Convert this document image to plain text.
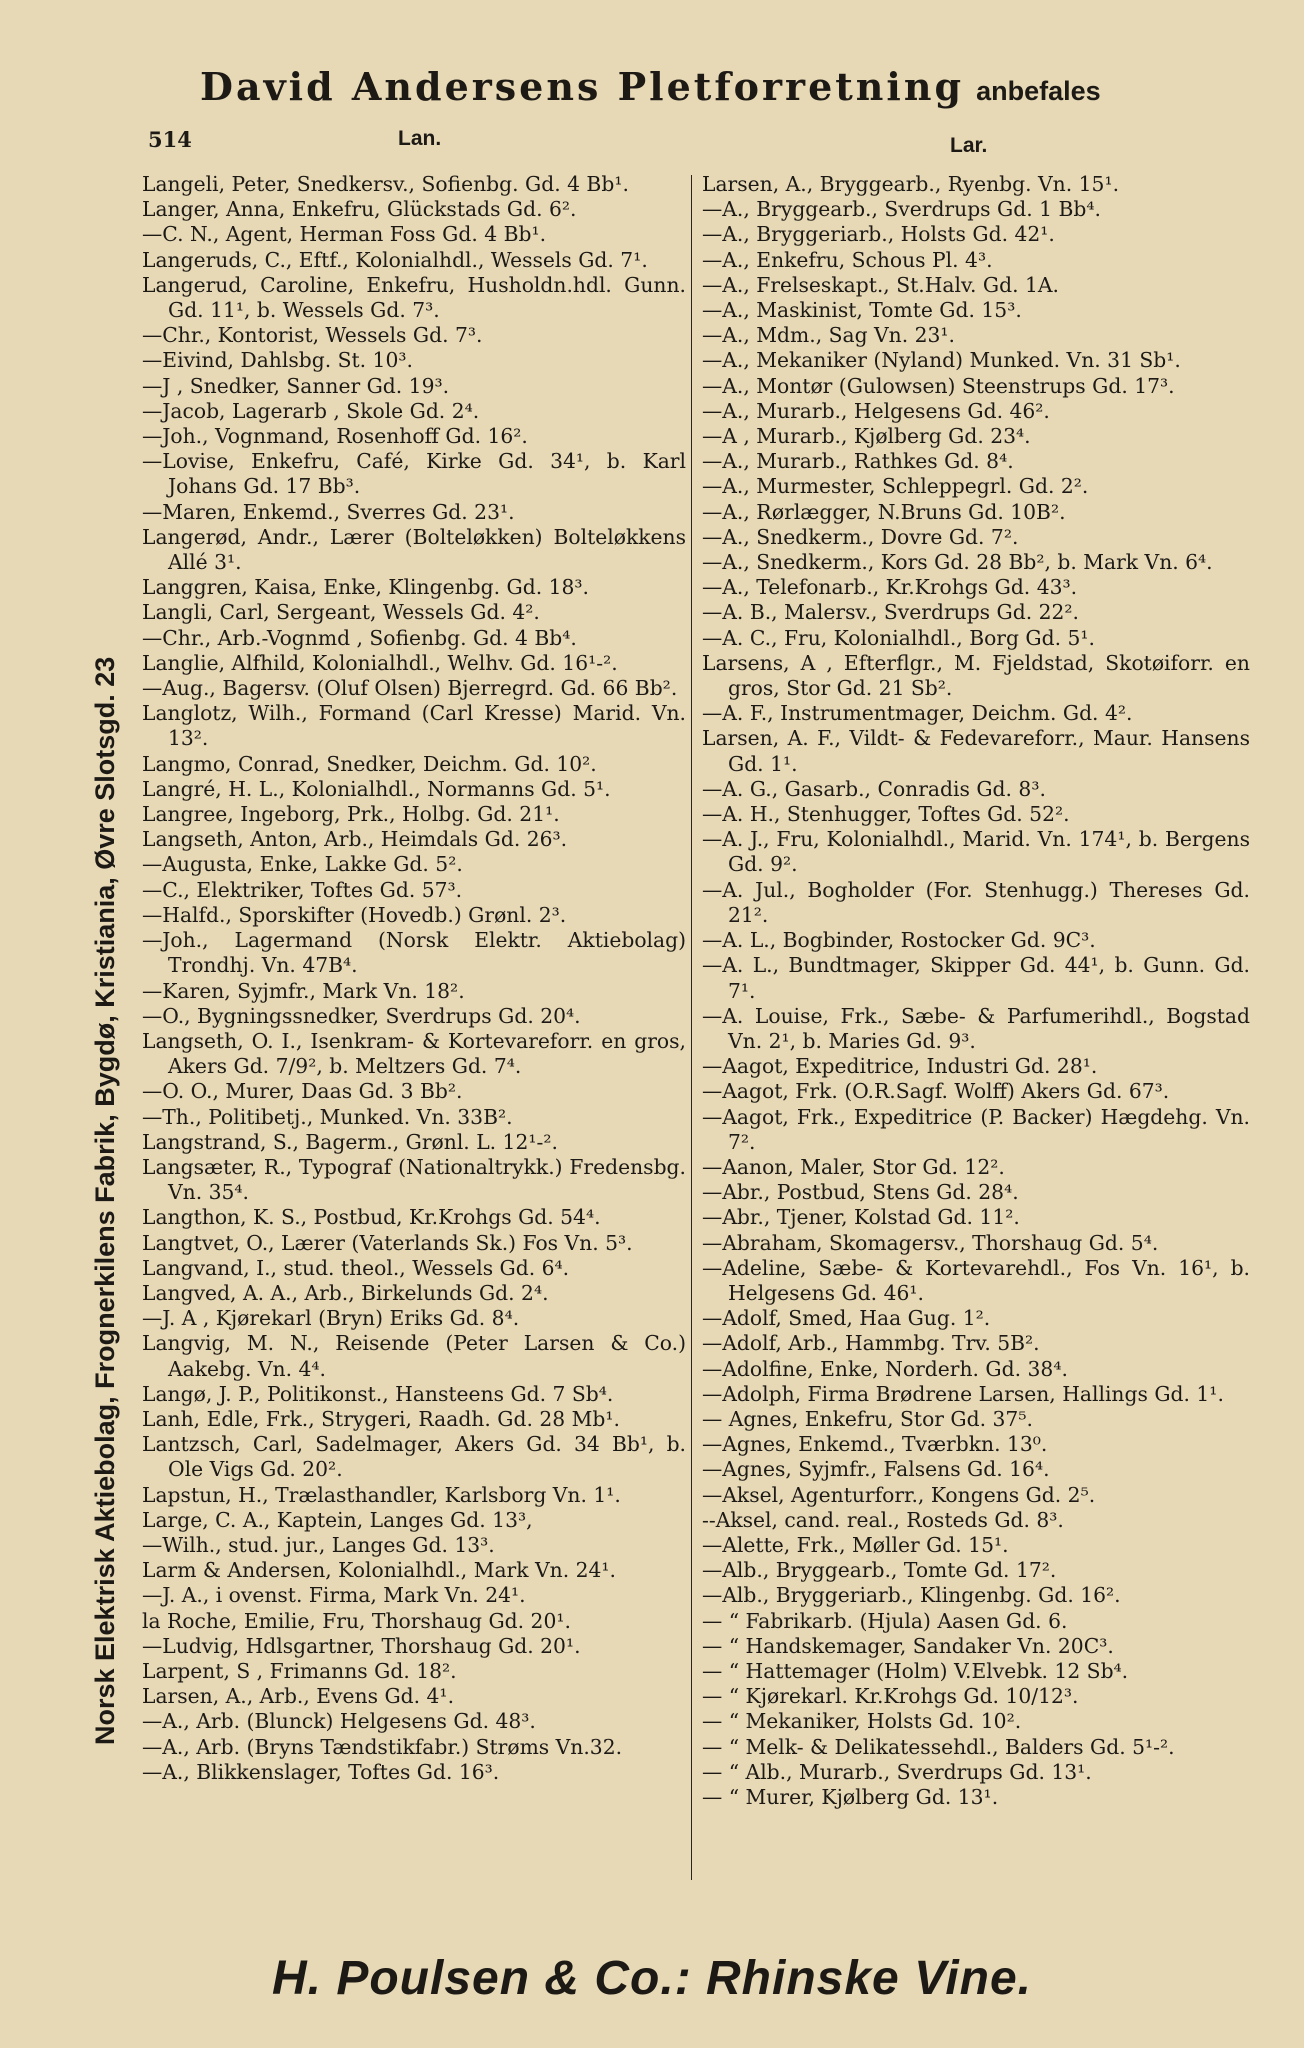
David Andersens Pletforretning anbefales
514	Lan.	Lar.
Norsk Elektrisk Aktiebolag, Frognerkilens Fabrik, Bygdø, Kristiania, Øvre Slotsgd. 23
Langeli, Peter, Snedkersv., Sofienbg. Gd. 4 Bb¹.
Langer, Anna, Enkefru, Glückstads Gd. 6².
—C. N., Agent, Herman Foss Gd. 4 Bb¹.
Langeruds, C., Eftf., Kolonialhdl., Wessels Gd. 7¹.
Langerud, Caroline, Enkefru, Husholdn.hdl. Gunn. Gd. 11¹, b. Wessels Gd. 7³.
—Chr., Kontorist, Wessels Gd. 7³.
—Eivind, Dahlsbg. St. 10³.
—J , Snedker, Sanner Gd. 19³.
—Jacob, Lagerarb , Skole Gd. 2⁴.
—Joh., Vognmand, Rosenhoff Gd. 16².
—Lovise, Enkefru, Café, Kirke Gd. 34¹, b. Karl Johans Gd. 17 Bb³.
—Maren, Enkemd., Sverres Gd. 23¹.
Langerød, Andr., Lærer (Bolteløkken) Bolteløkkens Allé 3¹.
Langgren, Kaisa, Enke, Klingenbg. Gd. 18³.
Langli, Carl, Sergeant, Wessels Gd. 4².
—Chr., Arb.-Vognmd , Sofienbg. Gd. 4 Bb⁴.
Langlie, Alfhild, Kolonialhdl., Welhv. Gd. 16¹-².
—Aug., Bagersv. (Oluf Olsen) Bjerregrd. Gd. 66 Bb².
Langlotz, Wilh., Formand (Carl Kresse) Marid. Vn. 13².
Langmo, Conrad, Snedker, Deichm. Gd. 10².
Langré, H. L., Kolonialhdl., Normanns Gd. 5¹.
Langree, Ingeborg, Prk., Holbg. Gd. 21¹.
Langseth, Anton, Arb., Heimdals Gd. 26³.
—Augusta, Enke, Lakke Gd. 5².
—C., Elektriker, Toftes Gd. 57³.
—Halfd., Sporskifter (Hovedb.) Grønl. 2³.
—Joh., Lagermand (Norsk Elektr. Aktiebolag) Trondhj. Vn. 47B⁴.
—Karen, Syjmfr., Mark Vn. 18².
—O., Bygningssnedker, Sverdrups Gd. 20⁴.
Langseth, O. I., Isenkram- & Kortevareforr. en gros, Akers Gd. 7/9², b. Meltzers Gd. 7⁴.
—O. O., Murer, Daas Gd. 3 Bb².
—Th., Politibetj., Munked. Vn. 33B².
Langstrand, S., Bagerm., Grønl. L. 12¹-².
Langsæter, R., Typograf (Nationaltrykk.) Fredensbg. Vn. 35⁴.
Langthon, K. S., Postbud, Kr.Krohgs Gd. 54⁴.
Langtvet, O., Lærer (Vaterlands Sk.) Fos Vn. 5³.
Langvand, I., stud. theol., Wessels Gd. 6⁴.
Langved, A. A., Arb., Birkelunds Gd. 2⁴.
—J. A , Kjørekarl (Bryn) Eriks Gd. 8⁴.
Langvig, M. N., Reisende (Peter Larsen & Co.) Aakebg. Vn. 4⁴.
Langø, J. P., Politikonst., Hansteens Gd. 7 Sb⁴.
Lanh, Edle, Frk., Strygeri, Raadh. Gd. 28 Mb¹.
Lantzsch, Carl, Sadelmager, Akers Gd. 34 Bb¹, b. Ole Vigs Gd. 20².
Lapstun, H., Trælasthandler, Karlsborg Vn. 1¹.
Large, C. A., Kaptein, Langes Gd. 13³,
—Wilh., stud. jur., Langes Gd. 13³.
Larm & Andersen, Kolonialhdl., Mark Vn. 24¹.
—J. A., i ovenst. Firma, Mark Vn. 24¹.
la Roche, Emilie, Fru, Thorshaug Gd. 20¹.
—Ludvig, Hdlsgartner, Thorshaug Gd. 20¹.
Larpent, S , Frimanns Gd. 18².
Larsen, A., Arb., Evens Gd. 4¹.
—A., Arb. (Blunck) Helgesens Gd. 48³.
—A., Arb. (Bryns Tændstikfabr.) Strøms Vn.32.
—A., Blikkenslager, Toftes Gd. 16³.
Larsen, A., Bryggearb., Ryenbg. Vn. 15¹.
—A., Bryggearb., Sverdrups Gd. 1 Bb⁴.
—A., Bryggeriarb., Holsts Gd. 42¹.
—A., Enkefru, Schous Pl. 4³.
—A., Frelseskapt., St.Halv. Gd. 1A.
—A., Maskinist, Tomte Gd. 15³.
—A., Mdm., Sag Vn. 23¹.
—A., Mekaniker (Nyland) Munked. Vn. 31 Sb¹.
—A., Montør (Gulowsen) Steenstrups Gd. 17³.
—A., Murarb., Helgesens Gd. 46².
—A , Murarb., Kjølberg Gd. 23⁴.
—A., Murarb., Rathkes Gd. 8⁴.
—A., Murmester, Schleppegrl. Gd. 2².
—A., Rørlægger, N.Bruns Gd. 10B².
—A., Snedkerm., Dovre Gd. 7².
—A., Snedkerm., Kors Gd. 28 Bb², b. Mark Vn. 6⁴.
—A., Telefonarb., Kr.Krohgs Gd. 43³.
—A. B., Malersv., Sverdrups Gd. 22².
—A. C., Fru, Kolonialhdl., Borg Gd. 5¹.
Larsens, A , Efterflgr., M. Fjeldstad, Skotøiforr. en gros, Stor Gd. 21 Sb².
—A. F., Instrumentmager, Deichm. Gd. 4².
Larsen, A. F., Vildt- & Fedevareforr., Maur. Hansens Gd. 1¹.
—A. G., Gasarb., Conradis Gd. 8³.
—A. H., Stenhugger, Toftes Gd. 52².
—A. J., Fru, Kolonialhdl., Marid. Vn. 174¹, b. Bergens Gd. 9².
—A. Jul., Bogholder (For. Stenhugg.) Thereses Gd. 21².
—A. L., Bogbinder, Rostocker Gd. 9C³.
—A. L., Bundtmager, Skipper Gd. 44¹, b. Gunn. Gd. 7¹.
—A. Louise, Frk., Sæbe- & Parfumerihdl., Bogstad Vn. 2¹, b. Maries Gd. 9³.
—Aagot, Expeditrice, Industri Gd. 28¹.
—Aagot, Frk. (O.R.Sagf. Wolff) Akers Gd. 67³.
—Aagot, Frk., Expeditrice (P. Backer) Hægdehg. Vn. 7².
—Aanon, Maler, Stor Gd. 12².
—Abr., Postbud, Stens Gd. 28⁴.
—Abr., Tjener, Kolstad Gd. 11².
—Abraham, Skomagersv., Thorshaug Gd. 5⁴.
—Adeline, Sæbe- & Kortevarehdl., Fos Vn. 16¹, b. Helgesens Gd. 46¹.
—Adolf, Smed, Haa Gug. 1².
—Adolf, Arb., Hammbg. Trv. 5B².
—Adolfine, Enke, Norderh. Gd. 38⁴.
—Adolph, Firma Brødrene Larsen, Hallings Gd. 1¹.
— Agnes, Enkefru, Stor Gd. 37⁵.
—Agnes, Enkemd., Tværbkn. 13⁰.
—Agnes, Syjmfr., Falsens Gd. 16⁴.
—Aksel, Agenturforr., Kongens Gd. 2⁵.
--Aksel, cand. real., Rosteds Gd. 8³.
—Alette, Frk., Møller Gd. 15¹.
—Alb., Bryggearb., Tomte Gd. 17².
—Alb., Bryggeriarb., Klingenbg. Gd. 16².
— “ Fabrikarb. (Hjula) Aasen Gd. 6.
— “ Handskemager, Sandaker Vn. 20C³.
— “ Hattemager (Holm) V.Elvebk. 12 Sb⁴.
— “ Kjørekarl. Kr.Krohgs Gd. 10/12³.
— “ Mekaniker, Holsts Gd. 10².
— “ Melk- & Delikatessehdl., Balders Gd. 5¹-².
— “ Alb., Murarb., Sverdrups Gd. 13¹.
— “ Murer, Kjølberg Gd. 13¹.
H. Poulsen & Co.: Rhinske Vine.
